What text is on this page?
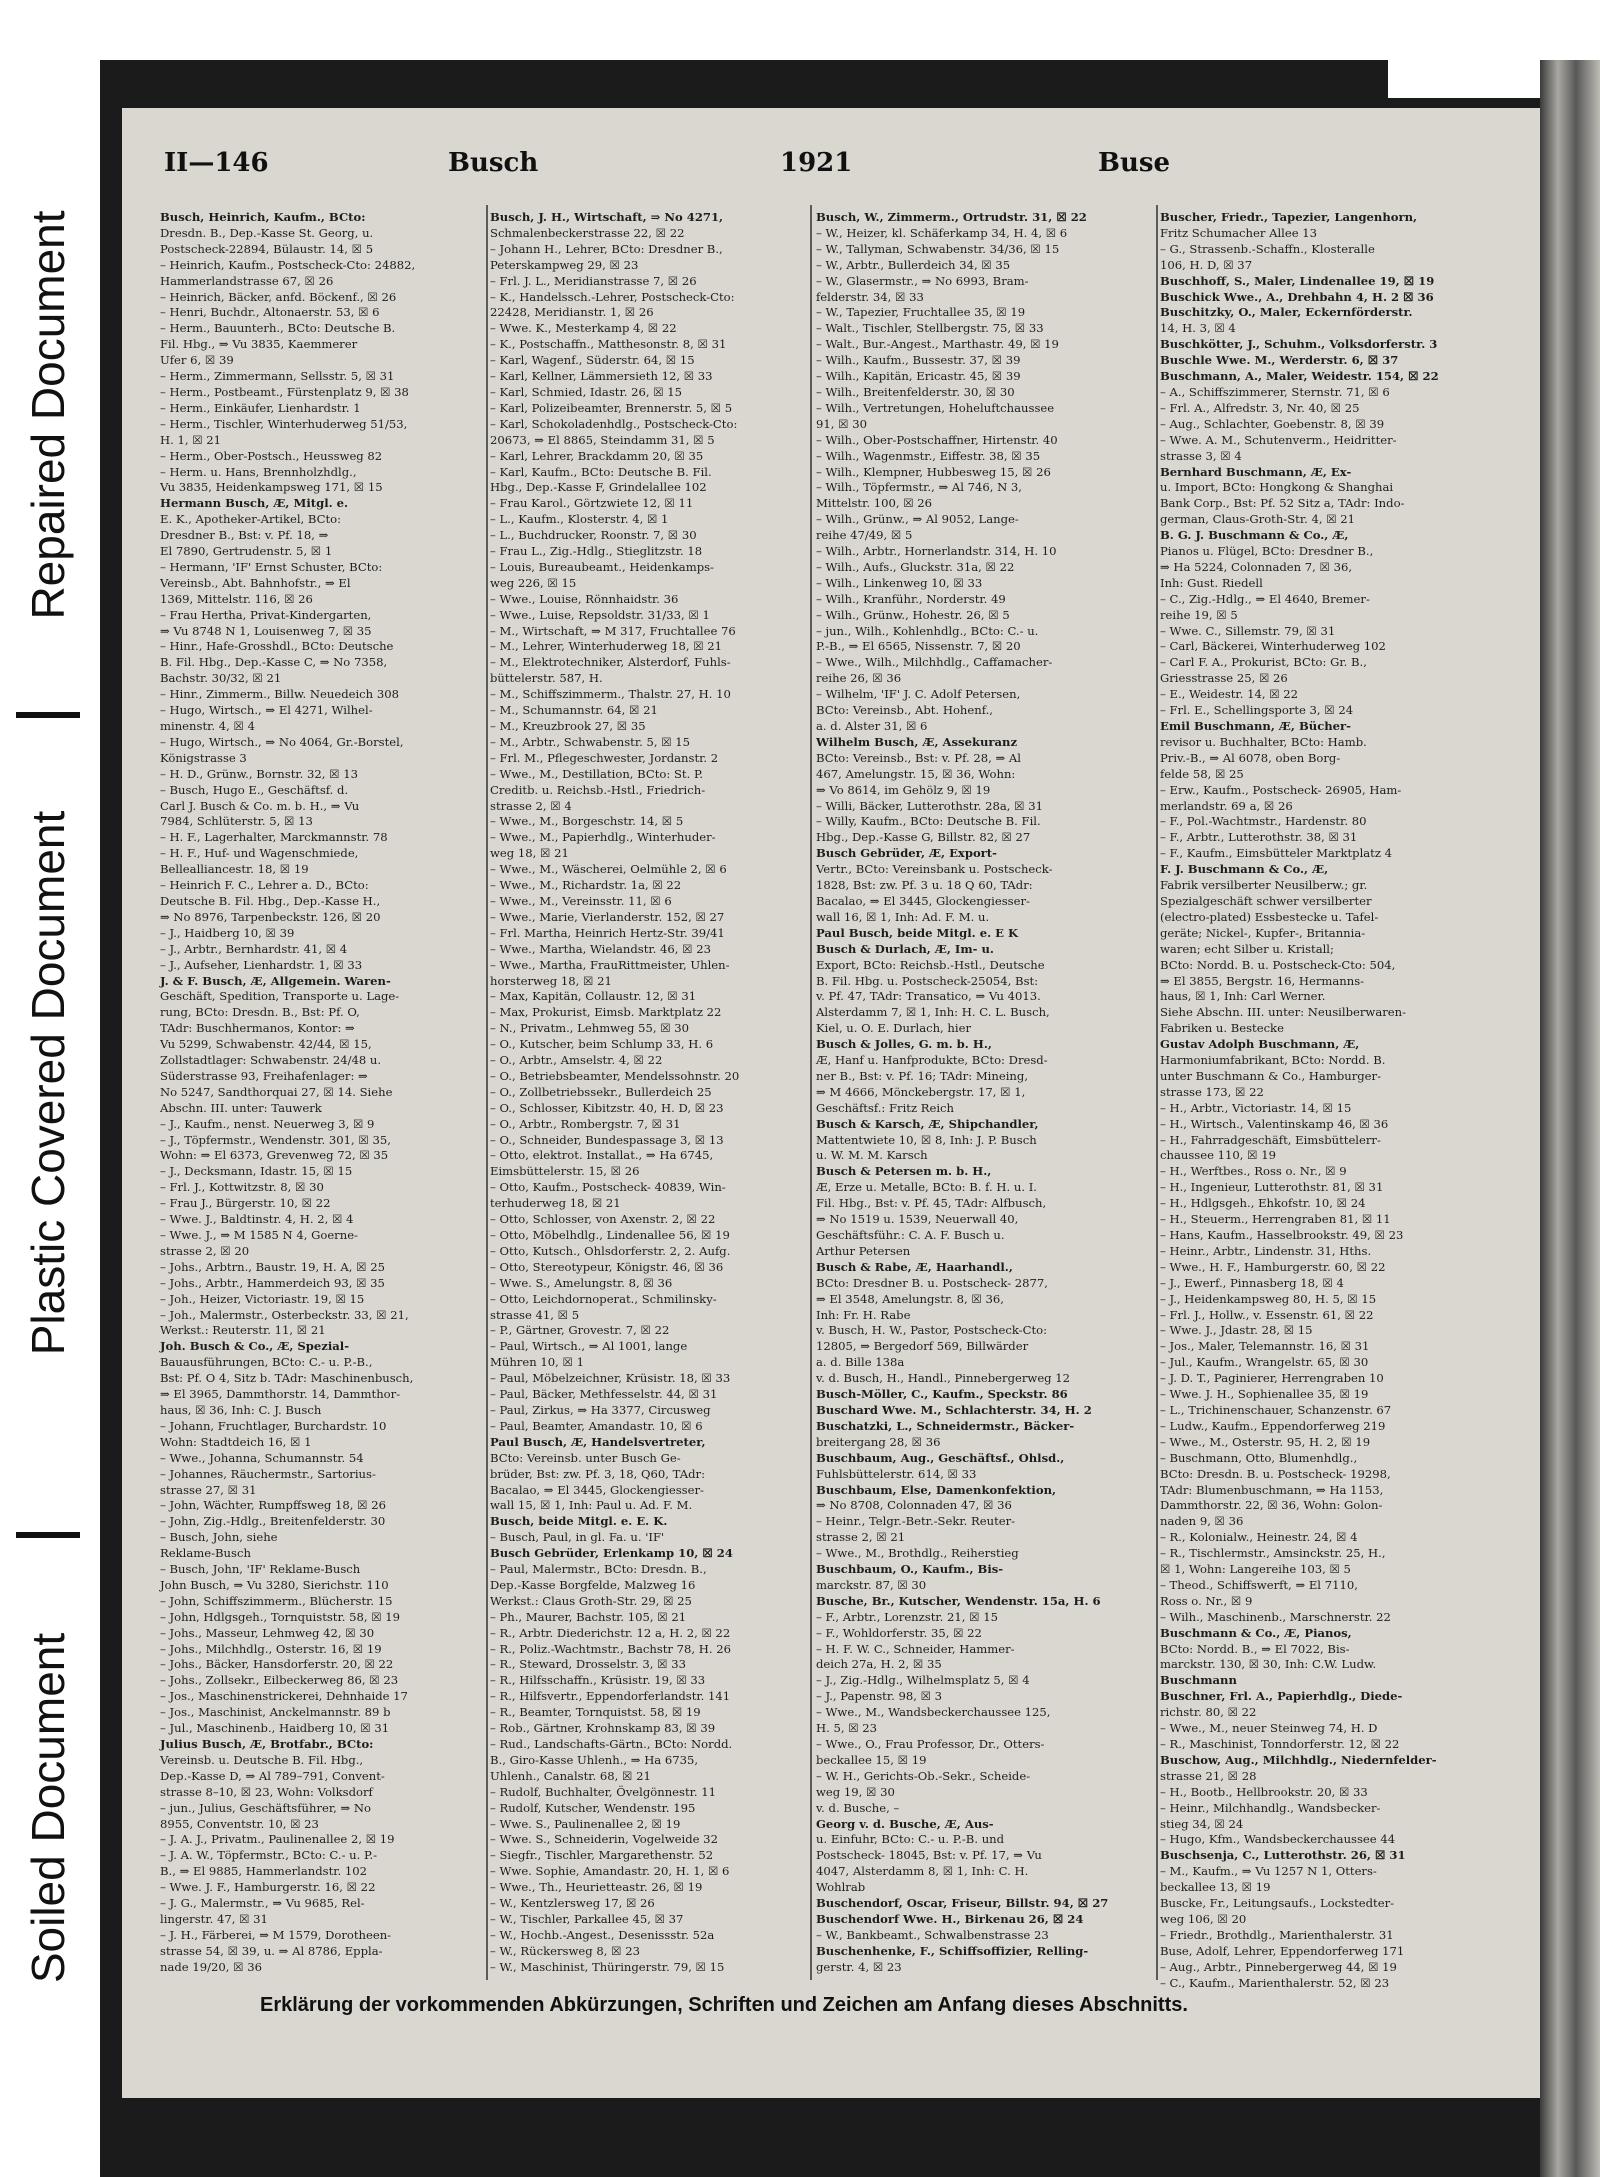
Soiled Document
Plastic Covered Document
Repaired Document
II—146	Busch	1921	Buse

Busch, Heinrich, Kaufm., BCto:

Dresdn. B., Dep.-Kasse St. Georg, u.

Postscheck-22894, Bülaustr. 14, ☒ 5

– Heinrich, Kaufm., Postscheck-Cto: 24882,

Hammerlandstrasse 67, ☒ 26

– Heinrich, Bäcker, anfd. Böckenf., ☒ 26

– Henri, Buchdr., Altonaerstr. 53, ☒ 6

– Herm., Bauunterh., BCto: Deutsche B.

Fil. Hbg., ⇒ Vu 3835, Kaemmerer

Ufer 6, ☒ 39

– Herm., Zimmermann, Sellsstr. 5, ☒ 31

– Herm., Postbeamt., Fürstenplatz 9, ☒ 38

– Herm., Einkäufer, Lienhardstr. 1

– Herm., Tischler, Winterhuderweg 51/53,

H. 1, ☒ 21

– Herm., Ober-Postsch., Heussweg 82

– Herm. u. Hans, Brennholzhdlg.,

Vu 3835, Heidenkampsweg 171, ☒ 15

Hermann Busch, Æ, Mitgl. e.

E. K., Apotheker-Artikel, BCto:

Dresdner B., Bst: v. Pf. 18, ⇒

El 7890, Gertrudenstr. 5, ☒ 1

– Hermann, 'IF' Ernst Schuster, BCto:

Vereinsb., Abt. Bahnhofstr., ⇒ El

1369, Mittelstr. 116, ☒ 26

– Frau Hertha, Privat-Kindergarten,

⇒ Vu 8748 N 1, Louisenweg 7, ☒ 35

– Hinr., Hafe-Grosshdl., BCto: Deutsche

B. Fil. Hbg., Dep.-Kasse C, ⇒ No 7358,

Bachstr. 30/32, ☒ 21

– Hinr., Zimmerm., Billw. Neuedeich 308

– Hugo, Wirtsch., ⇒ El 4271, Wilhel-

minenstr. 4, ☒ 4

– Hugo, Wirtsch., ⇒ No 4064, Gr.-Borstel,

Königstrasse 3

– H. D., Grünw., Bornstr. 32, ☒ 13

– Busch, Hugo E., Geschäftsf. d.

Carl J. Busch & Co. m. b. H., ⇒ Vu

7984, Schlüterstr. 5, ☒ 13

– H. F., Lagerhalter, Marckmannstr. 78

– H. F., Huf- und Wagenschmiede,

Bellealliancestr. 18, ☒ 19

– Heinrich F. C., Lehrer a. D., BCto:

Deutsche B. Fil. Hbg., Dep.-Kasse H.,

⇒ No 8976, Tarpenbeckstr. 126, ☒ 20

– J., Haidberg 10, ☒ 39

– J., Arbtr., Bernhardstr. 41, ☒ 4

– J., Aufseher, Lienhardstr. 1, ☒ 33

J. & F. Busch, Æ, Allgemein. Waren-

Geschäft, Spedition, Transporte u. Lage-

rung, BCto: Dresdn. B., Bst: Pf. O,

TAdr: Buschhermanos, Kontor: ⇒

Vu 5299, Schwabenstr. 42/44, ☒ 15,

Zollstadtlager: Schwabenstr. 24/48 u.

Süderstrasse 93, Freihafenlager: ⇒

No 5247, Sandthorquai 27, ☒ 14. Siehe

Abschn. III. unter: Tauwerk

– J., Kaufm., nenst. Neuerweg 3, ☒ 9

– J., Töpfermstr., Wendenstr. 301, ☒ 35,

Wohn: ⇒ El 6373, Grevenweg 72, ☒ 35

– J., Decksmann, Idastr. 15, ☒ 15

– Frl. J., Kottwitzstr. 8, ☒ 30

– Frau J., Bürgerstr. 10, ☒ 22

– Wwe. J., Baldtinstr. 4, H. 2, ☒ 4

– Wwe. J., ⇒ M 1585 N 4, Goerne-

strasse 2, ☒ 20

– Johs., Arbtrn., Baustr. 19, H. A, ☒ 25

– Johs., Arbtr., Hammerdeich 93, ☒ 35

– Joh., Heizer, Victoriastr. 19, ☒ 15

– Joh., Malermstr., Osterbeckstr. 33, ☒ 21,

Werkst.: Reuterstr. 11, ☒ 21

Joh. Busch & Co., Æ, Spezial-

Bauausführungen, BCto: C.- u. P.-B.,

Bst: Pf. O 4, Sitz b. TAdr: Maschinenbusch,

⇒ El 3965, Dammthorstr. 14, Dammthor-

haus, ☒ 36, Inh: C. J. Busch

– Johann, Fruchtlager, Burchardstr. 10

Wohn: Stadtdeich 16, ☒ 1

– Wwe., Johanna, Schumannstr. 54

– Johannes, Räuchermstr., Sartorius-

strasse 27, ☒ 31

– John, Wächter, Rumpffsweg 18, ☒ 26

– John, Zig.-Hdlg., Breitenfelderstr. 30

– Busch, John, siehe

Reklame-Busch

– Busch, John, 'IF' Reklame-Busch

John Busch, ⇒ Vu 3280, Sierichstr. 110

– John, Schiffszimmerm., Blücherstr. 15

– John, Hdlgsgeh., Tornquiststr. 58, ☒ 19

– Johs., Masseur, Lehmweg 42, ☒ 30

– Johs., Milchhdlg., Osterstr. 16, ☒ 19

– Johs., Bäcker, Hansdorferstr. 20, ☒ 22

– Johs., Zollsekr., Eilbeckerweg 86, ☒ 23

– Jos., Maschinenstrickerei, Dehnhaide 17

– Jos., Maschinist, Anckelmannstr. 89 b

– Jul., Maschinenb., Haidberg 10, ☒ 31

Julius Busch, Æ, Brotfabr., BCto:

Vereinsb. u. Deutsche B. Fil. Hbg.,

Dep.-Kasse D, ⇒ Al 789–791, Convent-

strasse 8–10, ☒ 23, Wohn: Volksdorf

– jun., Julius, Geschäftsführer, ⇒ No

8955, Conventstr. 10, ☒ 23

– J. A. J., Privatm., Paulinenallee 2, ☒ 19

– J. A. W., Töpfermstr., BCto: C.- u. P.-

B., ⇒ El 9885, Hammerlandstr. 102

– Wwe. J. F., Hamburgerstr. 16, ☒ 22

– J. G., Malermstr., ⇒ Vu 9685, Rel-

lingerstr. 47, ☒ 31

– J. H., Färberei, ⇒ M 1579, Dorotheen-

strasse 54, ☒ 39, u. ⇒ Al 8786, Eppla-

nade 19/20, ☒ 36

Busch, J. H., Wirtschaft, ⇒ No 4271,

Schmalenbeckerstrasse 22, ☒ 22

– Johann H., Lehrer, BCto: Dresdner B.,

Peterskampweg 29, ☒ 23

– Frl. J. L., Meridianstrasse 7, ☒ 26

– K., Handelssch.-Lehrer, Postscheck-Cto:

22428, Meridianstr. 1, ☒ 26

– Wwe. K., Mesterkamp 4, ☒ 22

– K., Postschaffn., Matthesonstr. 8, ☒ 31

– Karl, Wagenf., Süderstr. 64, ☒ 15

– Karl, Kellner, Lämmersieth 12, ☒ 33

– Karl, Schmied, Idastr. 26, ☒ 15

– Karl, Polizeibeamter, Brennerstr. 5, ☒ 5

– Karl, Schokoladenhdlg., Postscheck-Cto:

20673, ⇒ El 8865, Steindamm 31, ☒ 5

– Karl, Lehrer, Brackdamm 20, ☒ 35

– Karl, Kaufm., BCto: Deutsche B. Fil.

Hbg., Dep.-Kasse F, Grindelallee 102

– Frau Karol., Görtzwiete 12, ☒ 11

– L., Kaufm., Klosterstr. 4, ☒ 1

– L., Buchdrucker, Roonstr. 7, ☒ 30

– Frau L., Zig.-Hdlg., Stieglitzstr. 18

– Louis, Bureaubeamt., Heidenkamps-

weg 226, ☒ 15

– Wwe., Louise, Rönnhaidstr. 36

– Wwe., Luise, Repsoldstr. 31/33, ☒ 1

– M., Wirtschaft, ⇒ M 317, Fruchtallee 76

– M., Lehrer, Winterhuderweg 18, ☒ 21

– M., Elektrotechniker, Alsterdorf, Fuhls-

büttelerstr. 587, H.

– M., Schiffszimmerm., Thalstr. 27, H. 10

– M., Schumannstr. 64, ☒ 21

– M., Kreuzbrook 27, ☒ 35

– M., Arbtr., Schwabenstr. 5, ☒ 15

– Frl. M., Pflegeschwester, Jordanstr. 2

– Wwe., M., Destillation, BCto: St. P.

Creditb. u. Reichsb.-Hstl., Friedrich-

strasse 2, ☒ 4

– Wwe., M., Borgeschstr. 14, ☒ 5

– Wwe., M., Papierhdlg., Winterhuder-

weg 18, ☒ 21

– Wwe., M., Wäscherei, Oelmühle 2, ☒ 6

– Wwe., M., Richardstr. 1a, ☒ 22

– Wwe., M., Vereinsstr. 11, ☒ 6

– Wwe., Marie, Vierlanderstr. 152, ☒ 27

– Frl. Martha, Heinrich Hertz-Str. 39/41

– Wwe., Martha, Wielandstr. 46, ☒ 23

– Wwe., Martha, FrauRittmeister, Uhlen-

horsterweg 18, ☒ 21

– Max, Kapitän, Collaustr. 12, ☒ 31

– Max, Prokurist, Eimsb. Marktplatz 22

– N., Privatm., Lehmweg 55, ☒ 30

– O., Kutscher, beim Schlump 33, H. 6

– O., Arbtr., Amselstr. 4, ☒ 22

– O., Betriebsbeamter, Mendelssohnstr. 20

– O., Zollbetriebssekr., Bullerdeich 25

– O., Schlosser, Kibitzstr. 40, H. D, ☒ 23

– O., Arbtr., Rombergstr. 7, ☒ 31

– O., Schneider, Bundespassage 3, ☒ 13

– Otto, elektrot. Installat., ⇒ Ha 6745,

Eimsbüttelerstr. 15, ☒ 26

– Otto, Kaufm., Postscheck- 40839, Win-

terhuderweg 18, ☒ 21

– Otto, Schlosser, von Axenstr. 2, ☒ 22

– Otto, Möbelhdlg., Lindenallee 56, ☒ 19

– Otto, Kutsch., Ohlsdorferstr. 2, 2. Aufg.

– Otto, Stereotypeur, Königstr. 46, ☒ 36

– Wwe. S., Amelungstr. 8, ☒ 36

– Otto, Leichdornoperat., Schmilinsky-

strasse 41, ☒ 5

– P., Gärtner, Grovestr. 7, ☒ 22

– Paul, Wirtsch., ⇒ Al 1001, lange

Mühren 10, ☒ 1

– Paul, Möbelzeichner, Krüsistr. 18, ☒ 33

– Paul, Bäcker, Methfesselstr. 44, ☒ 31

– Paul, Zirkus, ⇒ Ha 3377, Circusweg

– Paul, Beamter, Amandastr. 10, ☒ 6

Paul Busch, Æ, Handelsvertreter,

BCto: Vereinsb. unter Busch Ge-

brüder, Bst: zw. Pf. 3, 18, Q60, TAdr:

Bacalao, ⇒ El 3445, Glockengiesser-

wall 15, ☒ 1, Inh: Paul u. Ad. F. M.

Busch, beide Mitgl. e. E. K.

– Busch, Paul, in gl. Fa. u. 'IF'

Busch Gebrüder, Erlenkamp 10, ☒ 24

– Paul, Malermstr., BCto: Dresdn. B.,

Dep.-Kasse Borgfelde, Malzweg 16

Werkst.: Claus Groth-Str. 29, ☒ 25

– Ph., Maurer, Bachstr. 105, ☒ 21

– R., Arbtr. Diederichstr. 12 a, H. 2, ☒ 22

– R., Poliz.-Wachtmstr., Bachstr 78, H. 26

– R., Steward, Drosselstr. 3, ☒ 33

– R., Hilfsschaffn., Krüsistr. 19, ☒ 33

– R., Hilfsvertr., Eppendorferlandstr. 141

– R., Beamter, Tornquistst. 58, ☒ 19

– Rob., Gärtner, Krohnskamp 83, ☒ 39

– Rud., Landschafts-Gärtn., BCto: Nordd.

B., Giro-Kasse Uhlenh., ⇒ Ha 6735,

Uhlenh., Canalstr. 68, ☒ 21

– Rudolf, Buchhalter, Övelgönnestr. 11

– Rudolf, Kutscher, Wendenstr. 195

– Wwe. S., Paulinenallee 2, ☒ 19

– Wwe. S., Schneiderin, Vogelweide 32

– Siegfr., Tischler, Margarethenstr. 52

– Wwe. Sophie, Amandastr. 20, H. 1, ☒ 6

– Wwe., Th., Heurietteastr. 26, ☒ 19

– W., Kentzlersweg 17, ☒ 26

– W., Tischler, Parkallee 45, ☒ 37

– W., Hochb.-Angest., Desenissstr. 52a

– W., Rückersweg 8, ☒ 23

– W., Maschinist, Thüringerstr. 79, ☒ 15

Busch, W., Zimmerm., Ortrudstr. 31, ☒ 22

– W., Heizer, kl. Schäferkamp 34, H. 4, ☒ 6

– W., Tallyman, Schwabenstr. 34/36, ☒ 15

– W., Arbtr., Bullerdeich 34, ☒ 35

– W., Glasermstr., ⇒ No 6993, Bram-

felderstr. 34, ☒ 33

– W., Tapezier, Fruchtallee 35, ☒ 19

– Walt., Tischler, Stellbergstr. 75, ☒ 33

– Walt., Bur.-Angest., Marthastr. 49, ☒ 19

– Wilh., Kaufm., Bussestr. 37, ☒ 39

– Wilh., Kapitän, Ericastr. 45, ☒ 39

– Wilh., Breitenfelderstr. 30, ☒ 30

– Wilh., Vertretungen, Hoheluftchaussee

91, ☒ 30

– Wilh., Ober-Postschaffner, Hirtenstr. 40

– Wilh., Wagenmstr., Eiffestr. 38, ☒ 35

– Wilh., Klempner, Hubbesweg 15, ☒ 26

– Wilh., Töpfermstr., ⇒ Al 746, N 3,

Mittelstr. 100, ☒ 26

– Wilh., Grünw., ⇒ Al 9052, Lange-

reihe 47/49, ☒ 5

– Wilh., Arbtr., Hornerlandstr. 314, H. 10

– Wilh., Aufs., Gluckstr. 31a, ☒ 22

– Wilh., Linkenweg 10, ☒ 33

– Wilh., Kranführ., Norderstr. 49

– Wilh., Grünw., Hohestr. 26, ☒ 5

– jun., Wilh., Kohlenhdlg., BCto: C.- u.

P.-B., ⇒ El 6565, Nissenstr. 7, ☒ 20

– Wwe., Wilh., Milchhdlg., Caffamacher-

reihe 26, ☒ 36

– Wilhelm, 'IF' J. C. Adolf Petersen,

BCto: Vereinsb., Abt. Hohenf.,

a. d. Alster 31, ☒ 6

Wilhelm Busch, Æ, Assekuranz

BCto: Vereinsb., Bst: v. Pf. 28, ⇒ Al

467, Amelungstr. 15, ☒ 36, Wohn:

⇒ Vo 8614, im Gehölz 9, ☒ 19

– Willi, Bäcker, Lutterothstr. 28a, ☒ 31

– Willy, Kaufm., BCto: Deutsche B. Fil.

Hbg., Dep.-Kasse G, Billstr. 82, ☒ 27

Busch Gebrüder, Æ, Export-

Vertr., BCto: Vereinsbank u. Postscheck-

1828, Bst: zw. Pf. 3 u. 18 Q 60, TAdr:

Bacalao, ⇒ El 3445, Glockengiesser-

wall 16, ☒ 1, Inh: Ad. F. M. u.

Paul Busch, beide Mitgl. e. E K

Busch & Durlach, Æ, Im- u.

Export, BCto: Reichsb.-Hstl., Deutsche

B. Fil. Hbg. u. Postscheck-25054, Bst:

v. Pf. 47, TAdr: Transatico, ⇒ Vu 4013.

Alsterdamm 7, ☒ 1, Inh: H. C. L. Busch,

Kiel, u. O. E. Durlach, hier

Busch & Jolles, G. m. b. H.,

Æ, Hanf u. Hanfprodukte, BCto: Dresd-

ner B., Bst: v. Pf. 16; TAdr: Mineing,

⇒ M 4666, Mönckebergstr. 17, ☒ 1,

Geschäftsf.: Fritz Reich

Busch & Karsch, Æ, Shipchandler,

Mattentwiete 10, ☒ 8, Inh: J. P. Busch

u. W. M. M. Karsch

Busch & Petersen m. b. H.,

Æ, Erze u. Metalle, BCto: B. f. H. u. I.

Fil. Hbg., Bst: v. Pf. 45, TAdr: Alfbusch,

⇒ No 1519 u. 1539, Neuerwall 40,

Geschäftsführ.: C. A. F. Busch u.

Arthur Petersen

Busch & Rabe, Æ, Haarhandl.,

BCto: Dresdner B. u. Postscheck- 2877,

⇒ El 3548, Amelungstr. 8, ☒ 36,

Inh: Fr. H. Rabe

v. Busch, H. W., Pastor, Postscheck-Cto:

12805, ⇒ Bergedorf 569, Billwärder

a. d. Bille 138a

v. d. Busch, H., Handl., Pinnebergerweg 12

Busch-Möller, C., Kaufm., Speckstr. 86

Buschard Wwe. M., Schlachterstr. 34, H. 2

Buschatzki, L., Schneidermstr., Bäcker-

breitergang 28, ☒ 36

Buschbaum, Aug., Geschäftsf., Ohlsd.,

Fuhlsbüttelerstr. 614, ☒ 33

Buschbaum, Else, Damenkonfektion,

⇒ No 8708, Colonnaden 47, ☒ 36

– Heinr., Telgr.-Betr.-Sekr. Reuter-

strasse 2, ☒ 21

– Wwe., M., Brothdlg., Reiherstieg

Buschbaum, O., Kaufm., Bis-

marckstr. 87, ☒ 30

Busche, Br., Kutscher, Wendenstr. 15a, H. 6

– F., Arbtr., Lorenzstr. 21, ☒ 15

– F., Wohldorferstr. 35, ☒ 22

– H. F. W. C., Schneider, Hammer-

deich 27a, H. 2, ☒ 35

– J., Zig.-Hdlg., Wilhelmsplatz 5, ☒ 4

– J., Papenstr. 98, ☒ 3

– Wwe., M., Wandsbeckerchaussee 125,

H. 5, ☒ 23

– Wwe., O., Frau Professor, Dr., Otters-

beckallee 15, ☒ 19

– W. H., Gerichts-Ob.-Sekr., Scheide-

weg 19, ☒ 30

v. d. Busche, –

Georg v. d. Busche, Æ, Aus-

u. Einfuhr, BCto: C.- u. P.-B. und

Postscheck- 18045, Bst: v. Pf. 17, ⇒ Vu

4047, Alsterdamm 8, ☒ 1, Inh: C. H.

Wohlrab

Buschendorf, Oscar, Friseur, Billstr. 94, ☒ 27

Buschendorf Wwe. H., Birkenau 26, ☒ 24

– W., Bankbeamt., Schwalbenstrasse 23

Buschenhenke, F., Schiffsoffizier, Relling-

gerstr. 4, ☒ 23

Buscher, Friedr., Tapezier, Langenhorn,

Fritz Schumacher Allee 13

– G., Strassenb.-Schaffn., Klosteralle

106, H. D, ☒ 37

Buschhoff, S., Maler, Lindenallee 19, ☒ 19

Buschick Wwe., A., Drehbahn 4, H. 2 ☒ 36

Buschitzky, O., Maler, Eckernförderstr.

14, H. 3, ☒ 4

Buschkötter, J., Schuhm., Volksdorferstr. 3

Buschle Wwe. M., Werderstr. 6, ☒ 37

Buschmann, A., Maler, Weidestr. 154, ☒ 22

– A., Schiffszimmerer, Sternstr. 71, ☒ 6

– Frl. A., Alfredstr. 3, Nr. 40, ☒ 25

– Aug., Schlachter, Goebenstr. 8, ☒ 39

– Wwe. A. M., Schutenverm., Heidritter-

strasse 3, ☒ 4

Bernhard Buschmann, Æ, Ex-

u. Import, BCto: Hongkong & Shanghai

Bank Corp., Bst: Pf. 52 Sitz a, TAdr: Indo-

german, Claus-Groth-Str. 4, ☒ 21

B. G. J. Buschmann & Co., Æ,

Pianos u. Flügel, BCto: Dresdner B.,

⇒ Ha 5224, Colonnaden 7, ☒ 36,

Inh: Gust. Riedell

– C., Zig.-Hdlg., ⇒ El 4640, Bremer-

reihe 19, ☒ 5

– Wwe. C., Sillemstr. 79, ☒ 31

– Carl, Bäckerei, Winterhuderweg 102

– Carl F. A., Prokurist, BCto: Gr. B.,

Griesstrasse 25, ☒ 26

– E., Weidestr. 14, ☒ 22

– Frl. E., Schellingsporte 3, ☒ 24

Emil Buschmann, Æ, Bücher-

revisor u. Buchhalter, BCto: Hamb.

Priv.-B., ⇒ Al 6078, oben Borg-

felde 58, ☒ 25

– Erw., Kaufm., Postscheck- 26905, Ham-

merlandstr. 69 a, ☒ 26

– F., Pol.-Wachtmstr., Hardenstr. 80

– F., Arbtr., Lutterothstr. 38, ☒ 31

– F., Kaufm., Eimsbütteler Marktplatz 4

F. J. Buschmann & Co., Æ,

Fabrik versilberter Neusilberw.; gr.

Spezialgeschäft schwer versilberter

(electro-plated) Essbestecke u. Tafel-

geräte; Nickel-, Kupfer-, Britannia-

waren; echt Silber u. Kristall;

BCto: Nordd. B. u. Postscheck-Cto: 504,

⇒ El 3855, Bergstr. 16, Hermanns-

haus, ☒ 1, Inh: Carl Werner.

Siehe Abschn. III. unter: Neusilberwaren-

Fabriken u. Bestecke

Gustav Adolph Buschmann, Æ,

Harmoniumfabrikant, BCto: Nordd. B.

unter Buschmann & Co., Hamburger-

strasse 173, ☒ 22

– H., Arbtr., Victoriastr. 14, ☒ 15

– H., Wirtsch., Valentinskamp 46, ☒ 36

– H., Fahrradgeschäft, Eimsbüttelerr-

chaussee 110, ☒ 19

– H., Werftbes., Ross o. Nr., ☒ 9

– H., Ingenieur, Lutterothstr. 81, ☒ 31

– H., Hdlgsgeh., Ehkofstr. 10, ☒ 24

– H., Steuerm., Herrengraben 81, ☒ 11

– Hans, Kaufm., Hasselbrookstr. 49, ☒ 23

– Heinr., Arbtr., Lindenstr. 31, Hths.

– Wwe., H. F., Hamburgerstr. 60, ☒ 22

– J., Ewerf., Pinnasberg 18, ☒ 4

– J., Heidenkampsweg 80, H. 5, ☒ 15

– Frl. J., Hollw., v. Essenstr. 61, ☒ 22

– Wwe. J., Jdastr. 28, ☒ 15

– Jos., Maler, Telemannstr. 16, ☒ 31

– Jul., Kaufm., Wrangelstr. 65, ☒ 30

– J. D. T., Paginierer, Herrengraben 10

– Wwe. J. H., Sophienallee 35, ☒ 19

– L., Trichinenschauer, Schanzenstr. 67

– Ludw., Kaufm., Eppendorferweg 219

– Wwe., M., Osterstr. 95, H. 2, ☒ 19

– Buschmann, Otto, Blumenhdlg.,

BCto: Dresdn. B. u. Postscheck- 19298,

TAdr: Blumenbuschmann, ⇒ Ha 1153,

Dammthorstr. 22, ☒ 36, Wohn: Golon-

naden 9, ☒ 36

– R., Kolonialw., Heinestr. 24, ☒ 4

– R., Tischlermstr., Amsinckstr. 25, H.,

☒ 1, Wohn: Langereihe 103, ☒ 5

– Theod., Schiffswerft, ⇒ El 7110,

Ross o. Nr., ☒ 9

– Wilh., Maschinenb., Marschnerstr. 22

Buschmann & Co., Æ, Pianos,

BCto: Nordd. B., ⇒ El 7022, Bis-

marckstr. 130, ☒ 30, Inh: C.W. Ludw.

Buschmann

Buschner, Frl. A., Papierhdlg., Diede-

richstr. 80, ☒ 22

– Wwe., M., neuer Steinweg 74, H. D

– R., Maschinist, Tonndorferstr. 12, ☒ 22

Buschow, Aug., Milchhdlg., Niedernfelder-

strasse 21, ☒ 28

– H., Bootb., Hellbrookstr. 20, ☒ 33

– Heinr., Milchhandlg., Wandsbecker-

stieg 34, ☒ 24

– Hugo, Kfm., Wandsbeckerchaussee 44

Buschsenja, C., Lutterothstr. 26, ☒ 31

– M., Kaufm., ⇒ Vu 1257 N 1, Otters-

beckallee 13, ☒ 19

Buscke, Fr., Leitungsaufs., Lockstedter-

weg 106, ☒ 20

– Friedr., Brothdlg., Marienthalerstr. 31

Buse, Adolf, Lehrer, Eppendorferweg 171

– Aug., Arbtr., Pinnebergerweg 44, ☒ 19

– C., Kaufm., Marienthalerstr. 52, ☒ 23

Erklärung der vorkommenden Abkürzungen, Schriften und Zeichen am Anfang dieses Abschnitts.
